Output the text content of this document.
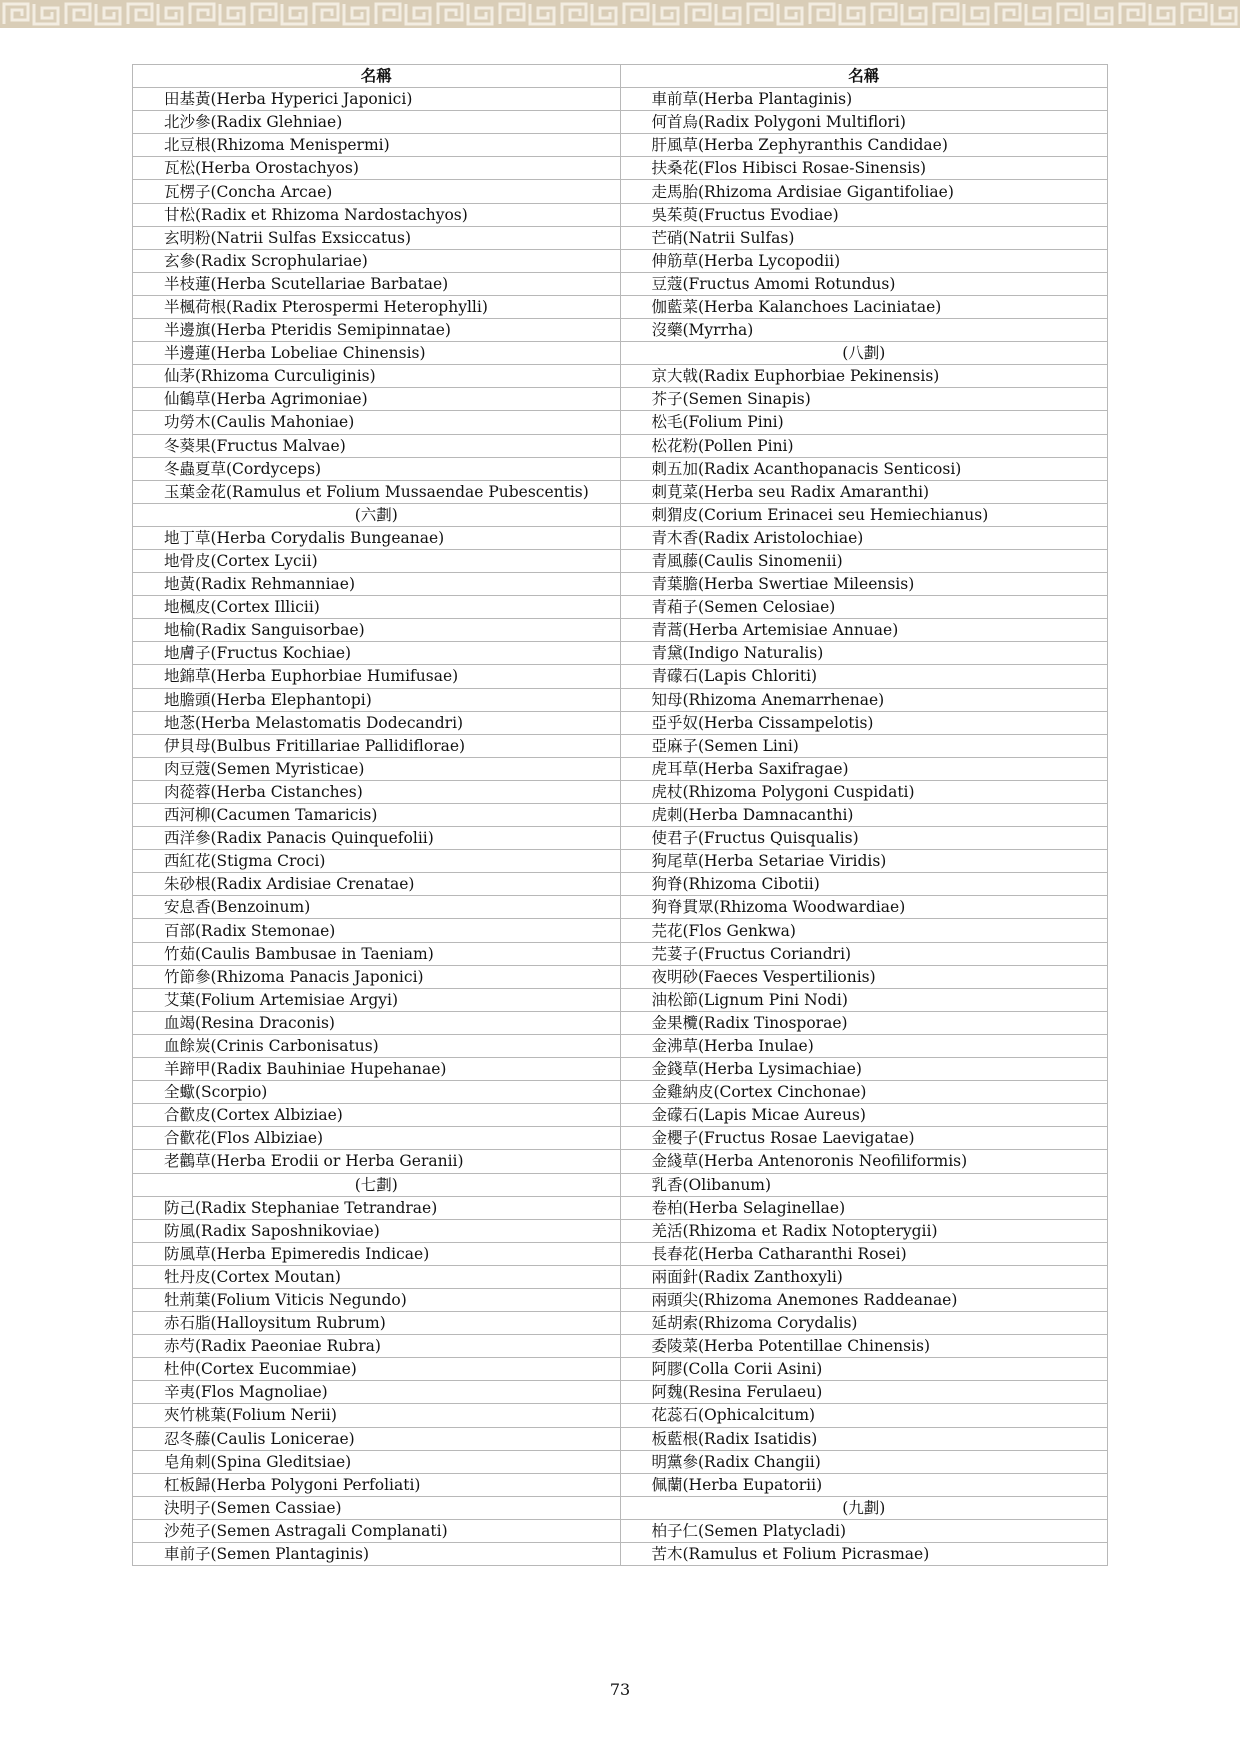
名稱	名稱
田基黃(Herba Hyperici Japonici)	車前草(Herba Plantaginis)
北沙參(Radix Glehniae)	何首烏(Radix Polygoni Multiflori)
北豆根(Rhizoma Menispermi)	肝風草(Herba Zephyranthis Candidae)
瓦松(Herba Orostachyos)	扶桑花(Flos Hibisci Rosae-Sinensis)
瓦楞子(Concha Arcae)	走馬胎(Rhizoma Ardisiae Gigantifoliae)
甘松(Radix et Rhizoma Nardostachyos)	吳茱萸(Fructus Evodiae)
玄明粉(Natrii Sulfas Exsiccatus)	芒硝(Natrii Sulfas)
玄參(Radix Scrophulariae)	伸筋草(Herba Lycopodii)
半枝蓮(Herba Scutellariae Barbatae)	豆蔻(Fructus Amomi Rotundus)
半楓荷根(Radix Pterospermi Heterophylli)	伽藍菜(Herba Kalanchoes Laciniatae)
半邊旗(Herba Pteridis Semipinnatae)	沒藥(Myrrha)
半邊蓮(Herba Lobeliae Chinensis)	(八劃)
仙茅(Rhizoma Curculiginis)	京大戟(Radix Euphorbiae Pekinensis)
仙鶴草(Herba Agrimoniae)	芥子(Semen Sinapis)
功勞木(Caulis Mahoniae)	松毛(Folium Pini)
冬葵果(Fructus Malvae)	松花粉(Pollen Pini)
冬蟲夏草(Cordyceps)	刺五加(Radix Acanthopanacis Senticosi)
玉葉金花(Ramulus et Folium Mussaendae Pubescentis)	刺莧菜(Herba seu Radix Amaranthi)
(六劃)	刺猬皮(Corium Erinacei seu Hemiechianus)
地丁草(Herba Corydalis Bungeanae)	青木香(Radix Aristolochiae)
地骨皮(Cortex Lycii)	青風藤(Caulis Sinomenii)
地黃(Radix Rehmanniae)	青葉膽(Herba Swertiae Mileensis)
地楓皮(Cortex Illicii)	青葙子(Semen Celosiae)
地榆(Radix Sanguisorbae)	青蒿(Herba Artemisiae Annuae)
地膚子(Fructus Kochiae)	青黛(Indigo Naturalis)
地錦草(Herba Euphorbiae Humifusae)	青礞石(Lapis Chloriti)
地膽頭(Herba Elephantopi)	知母(Rhizoma Anemarrhenae)
地菍(Herba Melastomatis Dodecandri)	亞乎奴(Herba Cissampelotis)
伊貝母(Bulbus Fritillariae Pallidiflorae)	亞麻子(Semen Lini)
肉豆蔻(Semen Myristicae)	虎耳草(Herba Saxifragae)
肉蓯蓉(Herba Cistanches)	虎杖(Rhizoma Polygoni Cuspidati)
西河柳(Cacumen Tamaricis)	虎刺(Herba Damnacanthi)
西洋參(Radix Panacis Quinquefolii)	使君子(Fructus Quisqualis)
西紅花(Stigma Croci)	狗尾草(Herba Setariae Viridis)
朱砂根(Radix Ardisiae Crenatae)	狗脊(Rhizoma Cibotii)
安息香(Benzoinum)	狗脊貫眾(Rhizoma Woodwardiae)
百部(Radix Stemonae)	芫花(Flos Genkwa)
竹茹(Caulis Bambusae in Taeniam)	芫荽子(Fructus Coriandri)
竹節參(Rhizoma Panacis Japonici)	夜明砂(Faeces Vespertilionis)
艾葉(Folium Artemisiae Argyi)	油松節(Lignum Pini Nodi)
血竭(Resina Draconis)	金果欖(Radix Tinosporae)
血餘炭(Crinis Carbonisatus)	金沸草(Herba Inulae)
羊蹄甲(Radix Bauhiniae Hupehanae)	金錢草(Herba Lysimachiae)
全蠍(Scorpio)	金雞納皮(Cortex Cinchonae)
合歡皮(Cortex Albiziae)	金礞石(Lapis Micae Aureus)
合歡花(Flos Albiziae)	金櫻子(Fructus Rosae Laevigatae)
老鸛草(Herba Erodii or Herba Geranii)	金綫草(Herba Antenoronis Neofiliformis)
(七劃)	乳香(Olibanum)
防己(Radix Stephaniae Tetrandrae)	卷柏(Herba Selaginellae)
防風(Radix Saposhnikoviae)	羌活(Rhizoma et Radix Notopterygii)
防風草(Herba Epimeredis Indicae)	長春花(Herba Catharanthi Rosei)
牡丹皮(Cortex Moutan)	兩面針(Radix Zanthoxyli)
牡荊葉(Folium Viticis Negundo)	兩頭尖(Rhizoma Anemones Raddeanae)
赤石脂(Halloysitum Rubrum)	延胡索(Rhizoma Corydalis)
赤芍(Radix Paeoniae Rubra)	委陵菜(Herba Potentillae Chinensis)
杜仲(Cortex Eucommiae)	阿膠(Colla Corii Asini)
辛夷(Flos Magnoliae)	阿魏(Resina Ferulaeu)
夾竹桃葉(Folium Nerii)	花蕊石(Ophicalcitum)
忍冬藤(Caulis Lonicerae)	板藍根(Radix Isatidis)
皂角刺(Spina Gleditsiae)	明黨參(Radix Changii)
杠板歸(Herba Polygoni Perfoliati)	佩蘭(Herba Eupatorii)
決明子(Semen Cassiae)	(九劃)
沙苑子(Semen Astragali Complanati)	柏子仁(Semen Platycladi)
車前子(Semen Plantaginis)	苦木(Ramulus et Folium Picrasmae)
73
